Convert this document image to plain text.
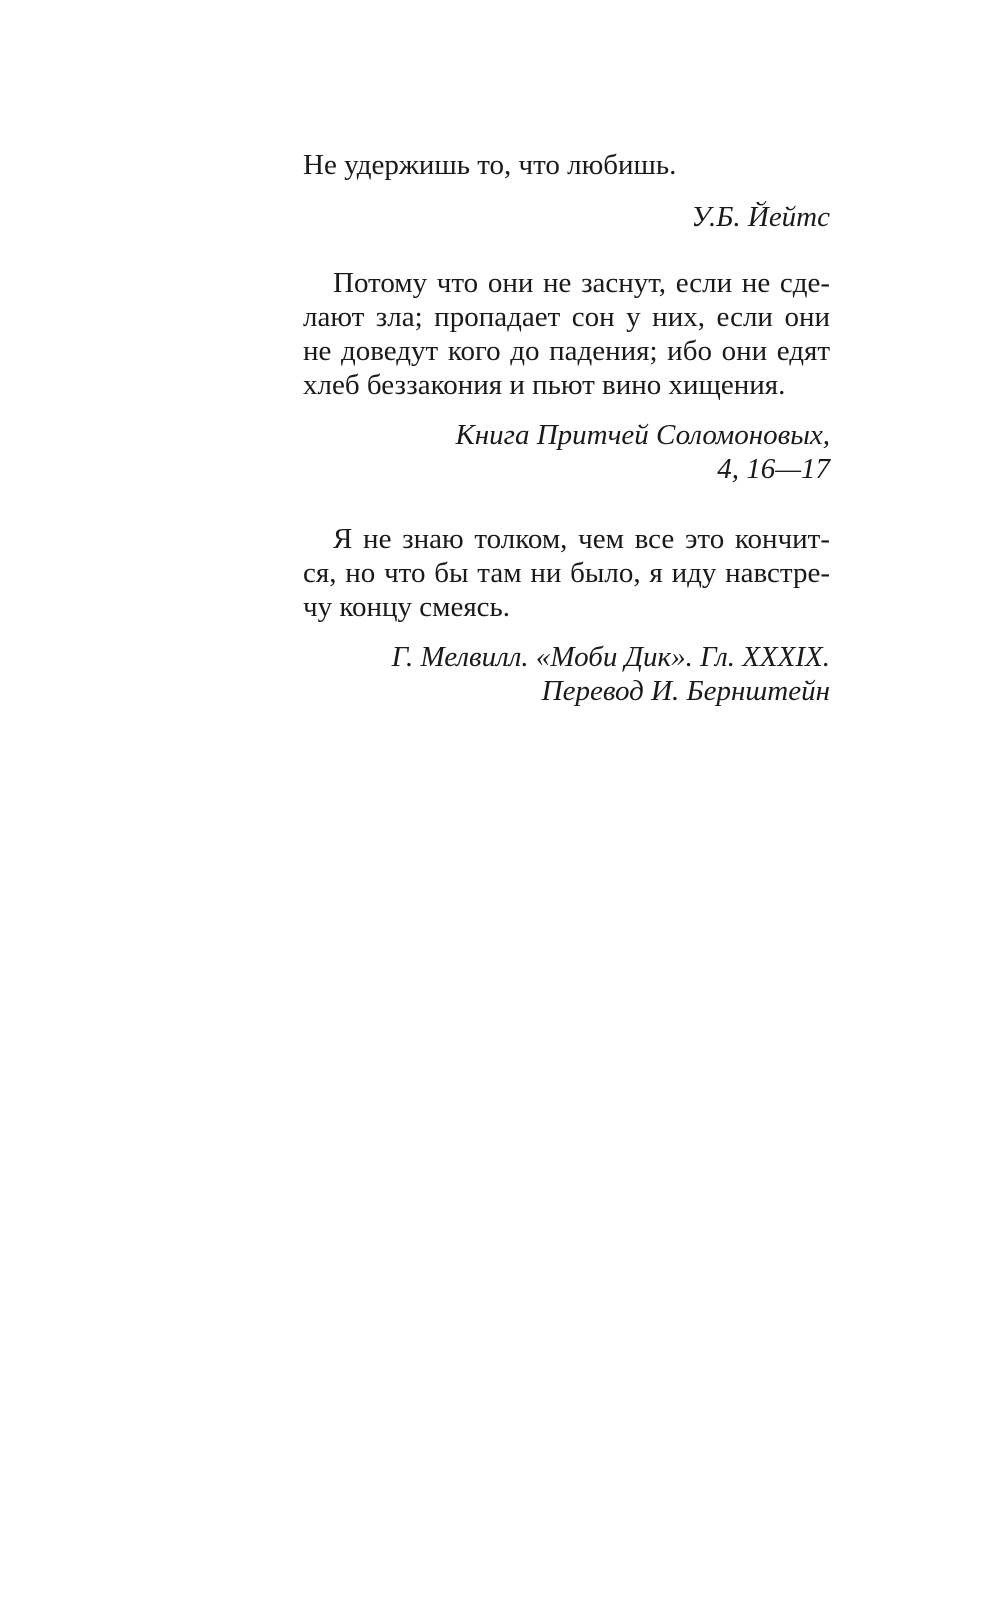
Не удержишь то, что любишь.
У.Б. Йейтс
Потому что они не заснут, если не сде-
лают зла; пропадает сон у них, если они
не доведут кого до падения; ибо они едят
хлеб беззакония и пьют вино хищения.
Книга Притчей Соломоновых,
4, 16—17
Я не знаю толком, чем все это кончит-
ся, но что бы там ни было, я иду навстре-
чу концу смеясь.
Г. Мелвилл. «Моби Дик». Гл. XXXIX.
Перевод И. Бернштейн
